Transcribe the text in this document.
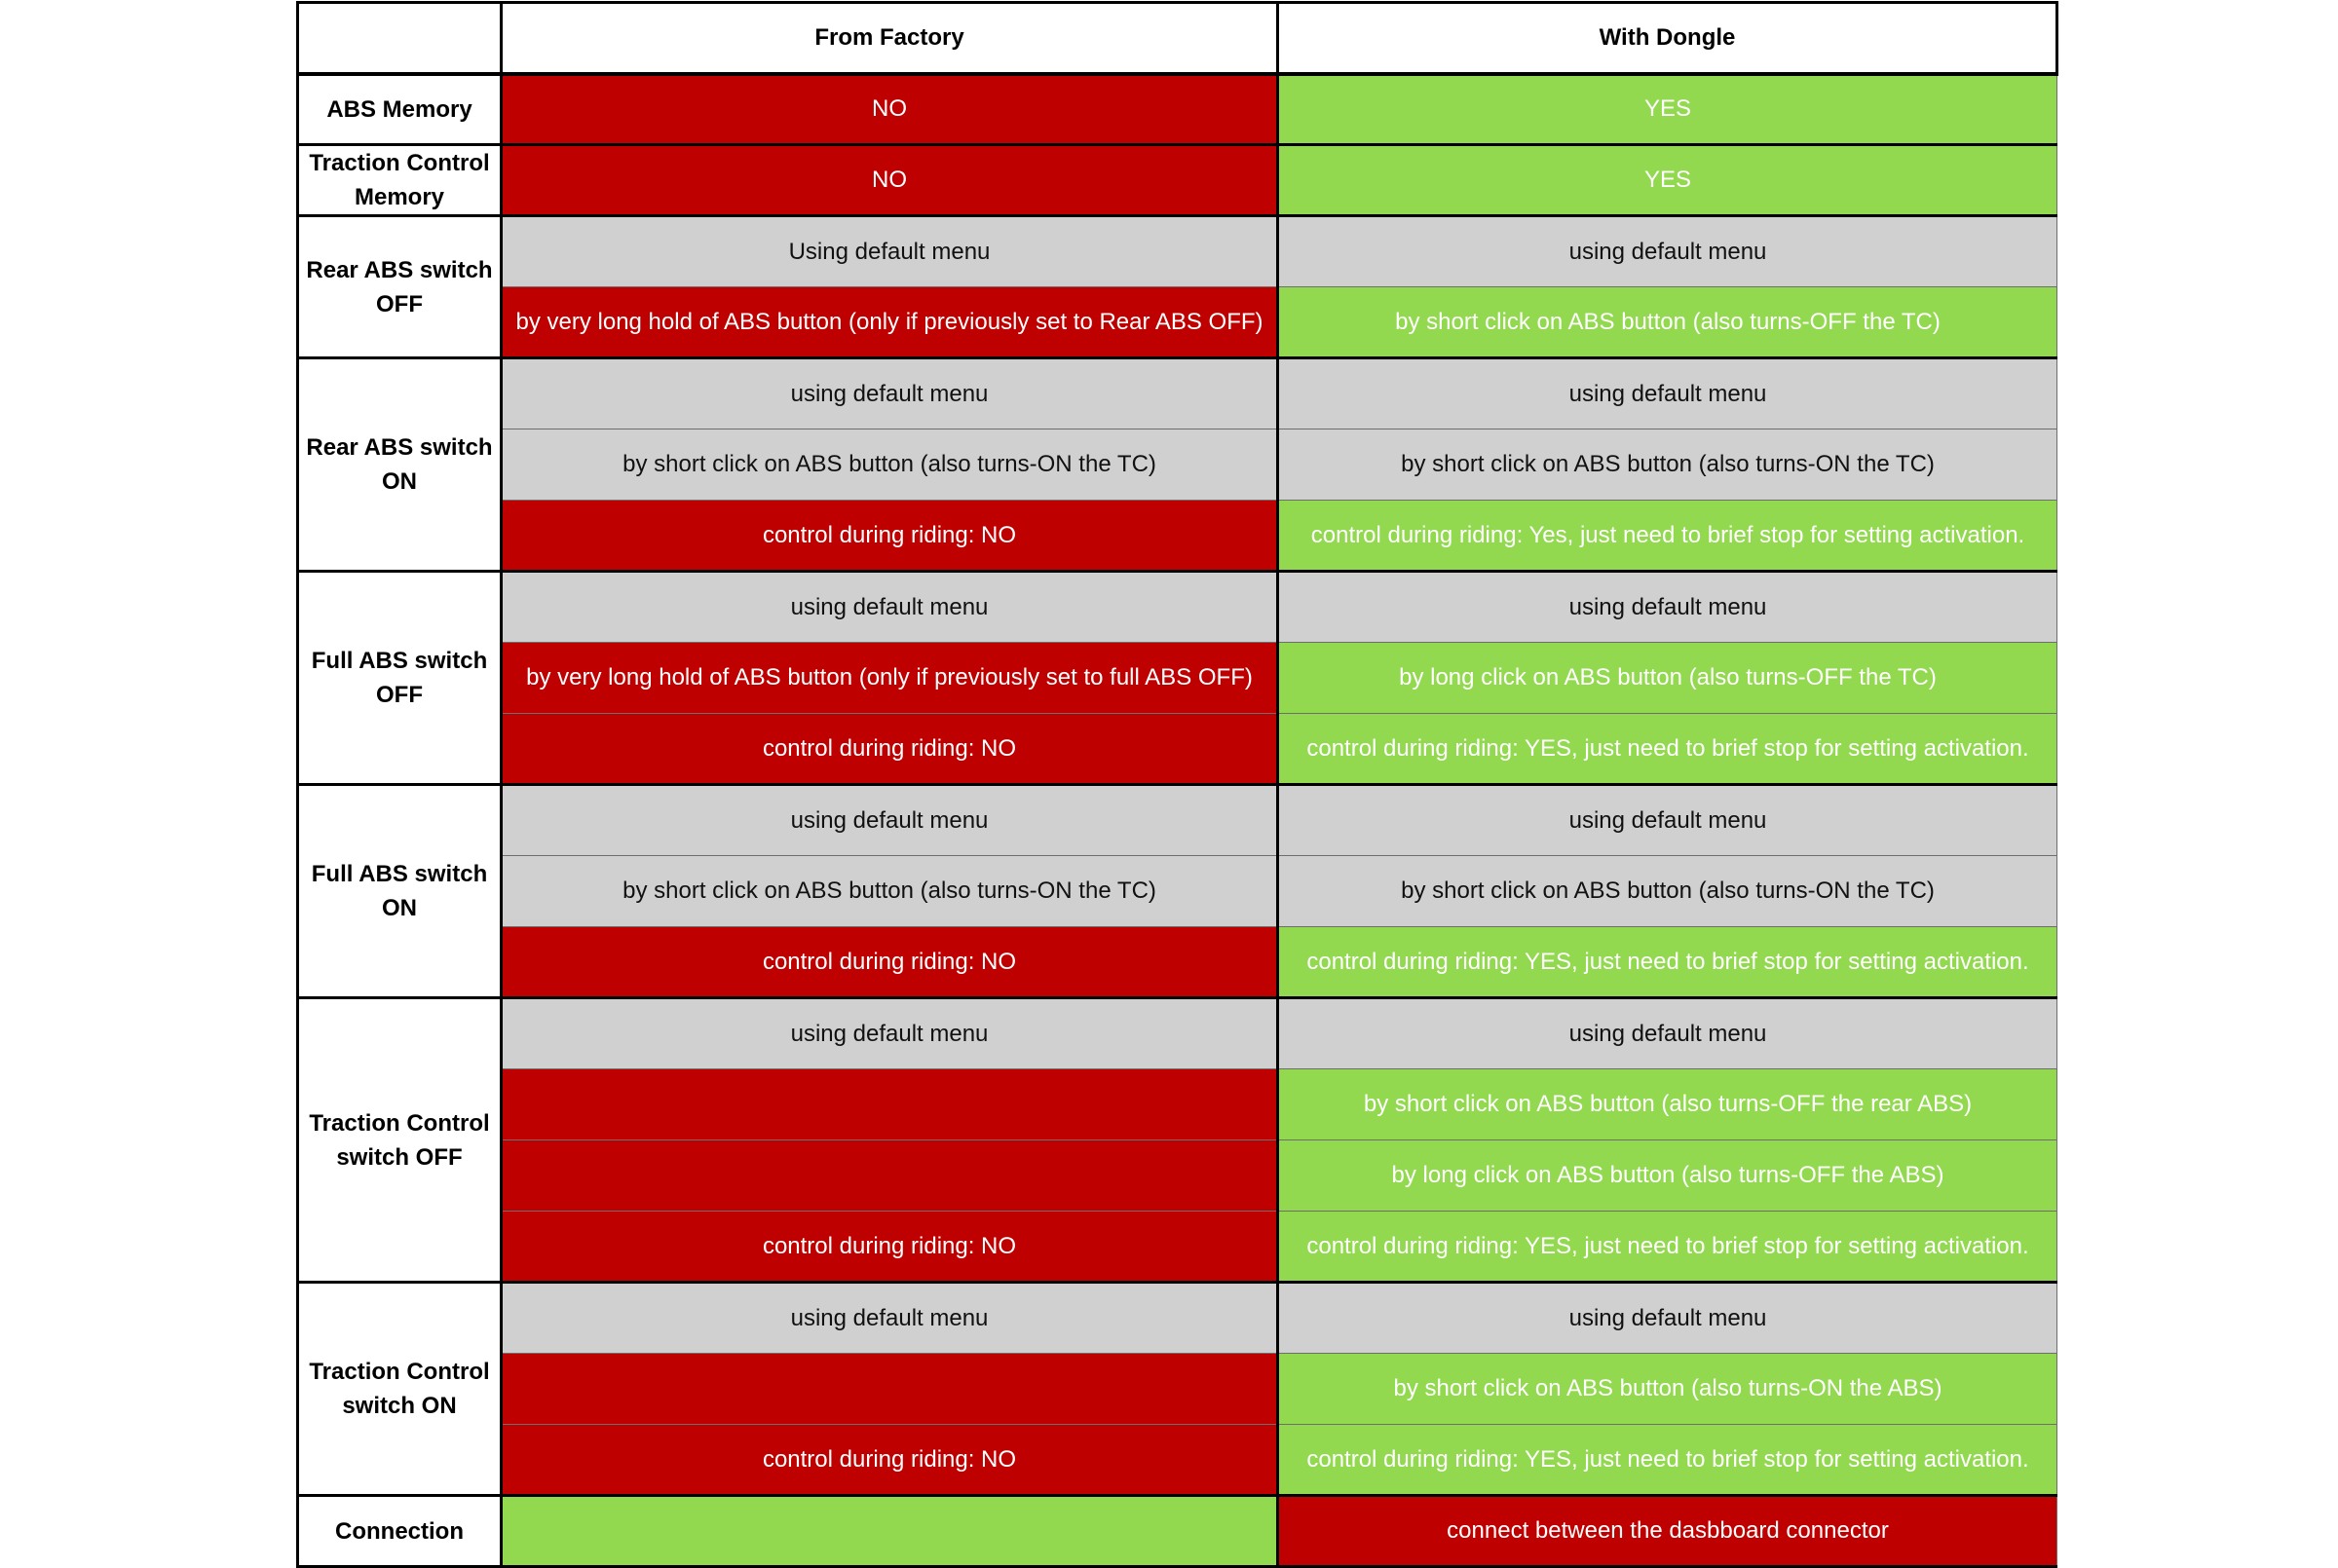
	From Factory	With Dongle
ABS Memory	NO	YES
Traction Control Memory	NO	YES
Rear ABS switch OFF	Using default menu	using default menu
	by very long hold of ABS button (only if previously set to Rear ABS OFF)	by short click on ABS button (also turns-OFF the TC)
Rear ABS switch ON	using default menu	using default menu
	by short click on ABS button (also turns-ON the TC)	by short click on ABS button (also turns-ON the TC)
	control during riding: NO	control during riding: Yes, just need to brief stop for setting activation.
Full ABS switch OFF	using default menu	using default menu
	by very long hold of ABS button (only if previously set to full ABS OFF)	by long click on ABS button (also turns-OFF the TC)
	control during riding: NO	control during riding: YES, just need to brief stop for setting activation.
Full ABS switch ON	using default menu	using default menu
	by short click on ABS button (also turns-ON the TC)	by short click on ABS button (also turns-ON the TC)
	control during riding: NO	control during riding: YES, just need to brief stop for setting activation.
Traction Control switch OFF	using default menu	using default menu
		by short click on ABS button (also turns-OFF the rear ABS)
		by long click on ABS button (also turns-OFF the ABS)
	control during riding: NO	control during riding: YES, just need to brief stop for setting activation.
Traction Control switch ON	using default menu	using default menu
		by short click on ABS button (also turns-ON the ABS)
	control during riding: NO	control during riding: YES, just need to brief stop for setting activation.
Connection		connect between the dasbboard connector
